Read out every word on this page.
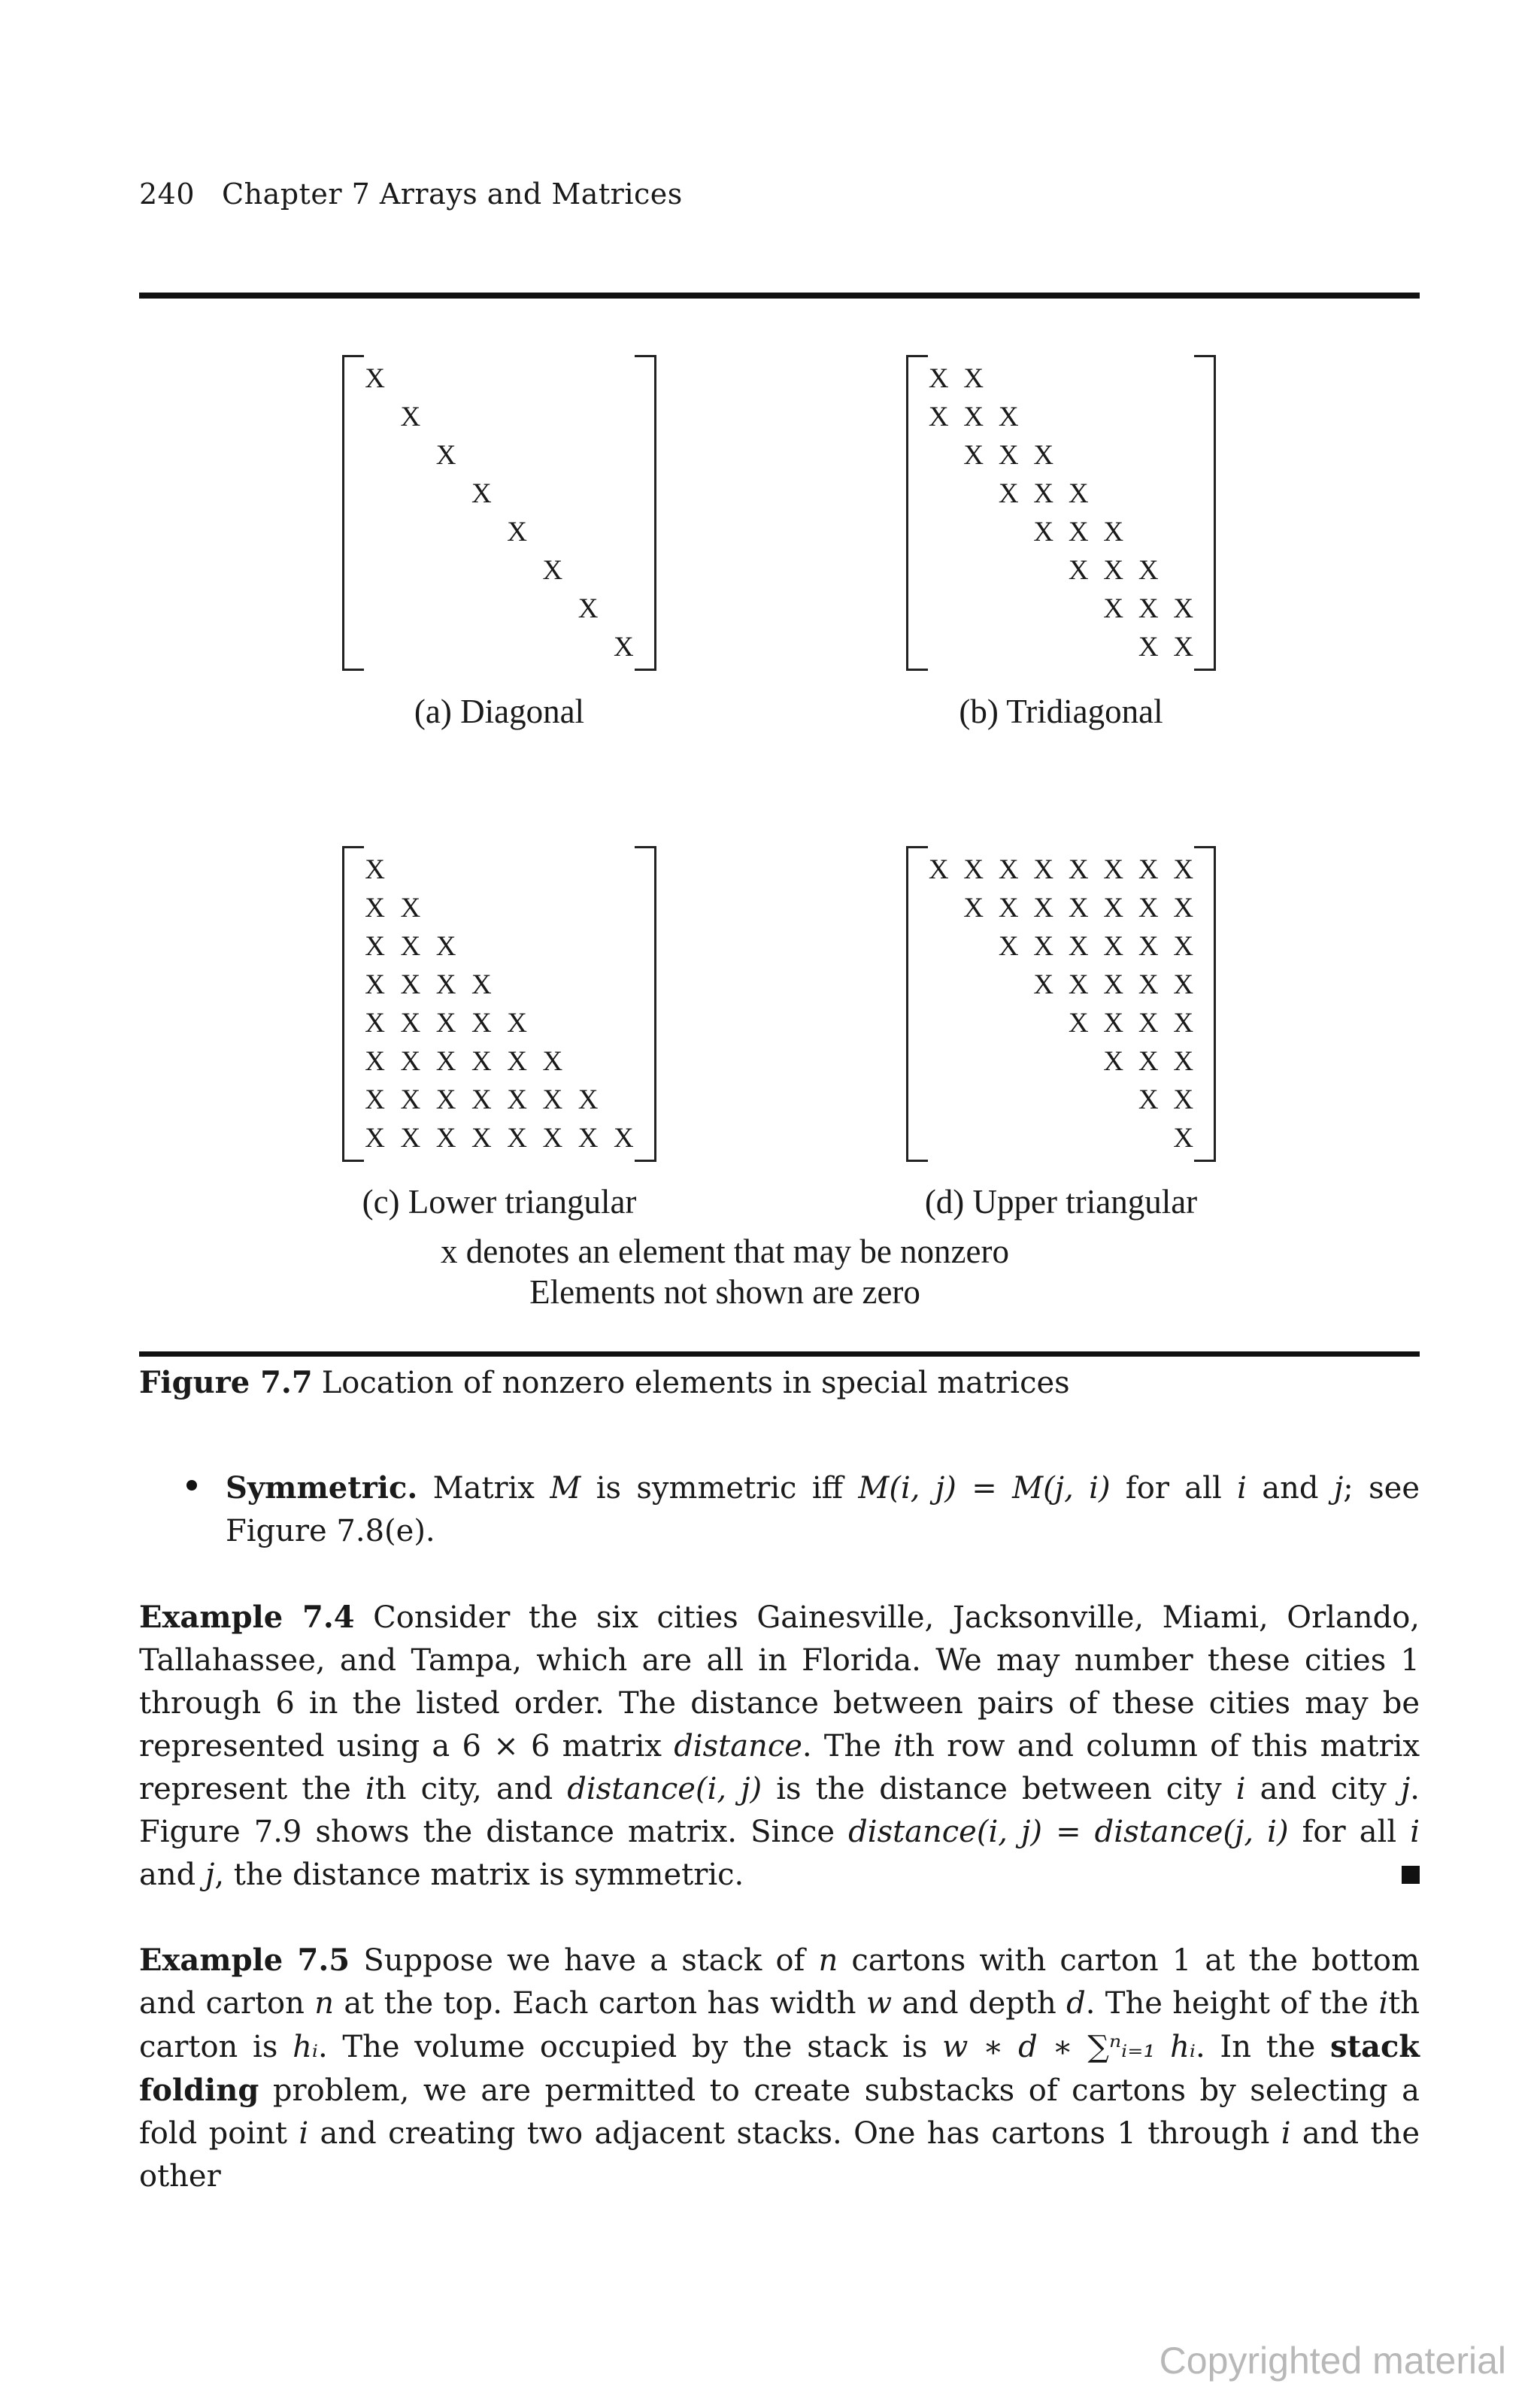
240 Chapter 7 Arrays and Matrices
X
X
X
X
X
X
X
X
X X
X X X
X X X
X X X
X X X
X X X
X X X
X X
X
X X
X X X
X X X X
X X X X X
X X X X X X
X X X X X X X
X X X X X X X X
X X X X X X X X
X X X X X X X
X X X X X X
X X X X X
X X X X
X X X
X X
X
(a) Diagonal	(b) Tridiagonal
(c) Lower triangular	(d) Upper triangular
x denotes an element that may be nonzero
Elements not shown are zero
Figure 7.7 Location of nonzero elements in special matrices
Symmetric. Matrix M is symmetric iff M(i, j) = M(j, i) for all i and j; see Figure 7.8(e).
Example 7.4 Consider the six cities Gainesville, Jacksonville, Miami, Orlando, Tallahassee, and Tampa, which are all in Florida. We may number these cities 1 through 6 in the listed order. The distance between pairs of these cities may be represented using a 6 × 6 matrix distance. The ith row and column of this matrix represent the ith city, and distance(i, j) is the distance between city i and city j. Figure 7.9 shows the distance matrix. Since distance(i, j) = distance(j, i) for all i and j, the distance matrix is symmetric.
Example 7.5 Suppose we have a stack of n cartons with carton 1 at the bottom and carton n at the top. Each carton has width w and depth d. The height of the ith carton is hᵢ. The volume occupied by the stack is w ∗ d ∗ ∑ⁿᵢ₌₁ hᵢ. In the stack folding problem, we are permitted to create substacks of cartons by selecting a fold point i and creating two adjacent stacks. One has cartons 1 through i and the other
Copyrighted material
